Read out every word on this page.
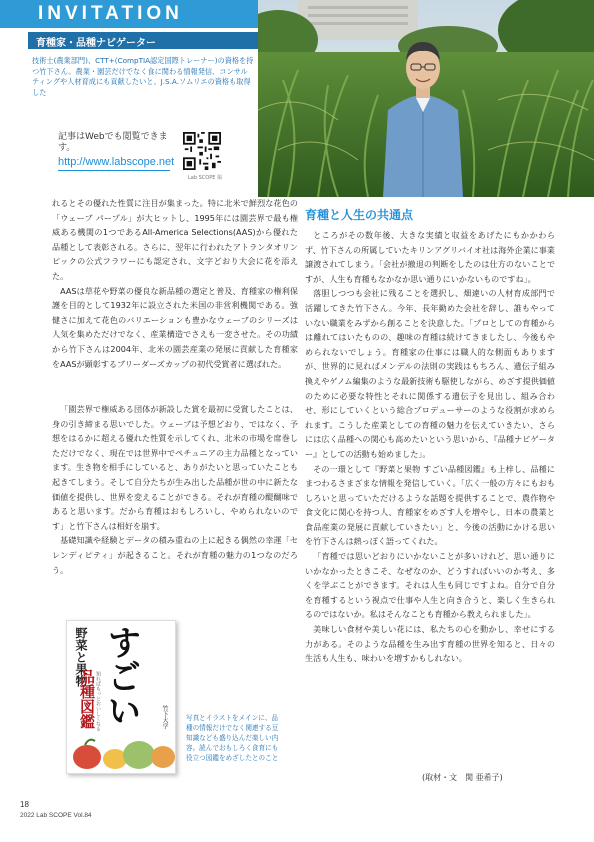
INVITATION
育種家・品種ナビゲーター
技術士(農業部門)、CTT+(CompTIA認定国際トレーナー)の資格を持つ竹下さん。農業・園芸だけでなく食に関わる情報発信、コンサルティングや人材育成にも貢献したいと、J.S.A.ソムリエの資格も取得した
記事はWebでも閲覧できます。
http://www.labscope.net
Lab SCOPE 掲

れるとその優れた性質に注目が集まった。特に北米で鮮烈な花色の「ウェーブ パープル」が大ヒットし、1995年には園芸界で最も権威ある機関の1つであるAll-America Selections(AAS)から優れた品種として表彰される。さらに、翌年に行われたアトランタオリンピックの公式フラワーにも認定され、文字どおり大会に花を添えた。

AASは草花や野菜の優良な新品種の選定と普及、育種家の権利保護を目的として1932年に設立された米国の非営利機関である。強健さに加えて花色のバリエーションも豊かなウェーブのシリーズは人気を集めただけでなく、産業構造でさえも一変させた。その功績から竹下さんは2004年、北米の園芸産業の発展に貢献した育種家をAASが顕彰するブリーダーズカップの初代受賞者に選ばれた。

「園芸界で権威ある団体が新設した賞を最初に受賞したことは、身の引き締まる思いでした。ウェーブは予想どおり、ではなく、予想をはるかに超える優れた性質を示してくれ、北米の市場を席巻しただけでなく、現在では世界中でペチュニアの主力品種となっています。生き物を相手にしていると、ありがたいと思っていたことも起きてしまう。そして自分たちが生み出した品種が世の中に新たな価値を提供し、世界を変えることができる。それが育種の醍醐味であると思います。だから育種はおもしろいし、やめられないのです」と竹下さんは相好を崩す。

基礎知識や経験とデータの積み重ねの上に起きる偶然の幸運「セレンディピティ」が起きること。それが育種の魅力の1つなのだろう。

育種と人生の共通点

ところがその数年後、大きな実績と収益をあげたにもかかわらず、竹下さんの所属していたキリンアグリバイオ社は海外企業に事業譲渡されてしまう。「会社が撤退の判断をしたのは仕方のないことですが、人生も育種もなかなか思い通りにいかないものですね」。

落胆しつつも会社に残ることを選択し、畑違いの人材育成部門で活躍してきた竹下さん。今年、長年勤めた会社を辞し、誰もやっていない職業をみずから創ることを決意した。「プロとしての育種からは離れてはいたものの、趣味の育種は続けてきましたし、今後もやめられないでしょう。育種家の仕事には職人的な側面もありますが、世界的に見ればメンデルの法則の実践はもちろん、遺伝子組み換えやゲノム編集のような最新技術も駆使しながら、めざす提供価値のために必要な特性とそれに関係する遺伝子を見出し、組み合わせ、形にしていくという総合プロデューサーのような役割が求められます。こうした産業としての育種の魅力を伝えていきたい、さらには広く品種への関心も高めたいという思いから、『品種ナビゲーター』としての活動も始めました」。

その一環として『野菜と果物 すごい品種図鑑』も上梓し、品種にまつわるさまざまな情報を発信していく。「広く一般の方々にもおもしろいと思っていただけるような話題を提供することで、農作物や食文化に関心を持つ人、育種家をめざす人を増やし、日本の農業と食品産業の発展に貢献していきたい」と、今後の活動にかける思いを竹下さんは熱っぽく語ってくれた。

「育種では思いどおりにいかないことが多いけれど、思い通りにいかなかったときこそ、なぜなのか、どうすればいいのか考え、多くを学ぶことができます。それは人生も同じですよね。自分で自分を育種するという視点で仕事や人生と向き合うと、楽しく生きられるのではないか。私はそんなことも育種から教えられました」。

美味しい食材や美しい花には、私たちの心を動かし、幸せにする力がある。そのような品種を生み出す育種の世界を知ると、日々の生活も人生も、味わいを増すかもしれない。

(取材・文　関 亜希子)
野菜と果物 すごい
品種図鑑 知ればもっとおいしくなる	竹下大学	写真とイラストをメインに、品種の情報だけでなく関連する豆知識なども盛り込んだ楽しい内容。読んでおもしろく食育にも役立つ図鑑をめざしたとのこと
18
2022 Lab SCOPE Vol.84
